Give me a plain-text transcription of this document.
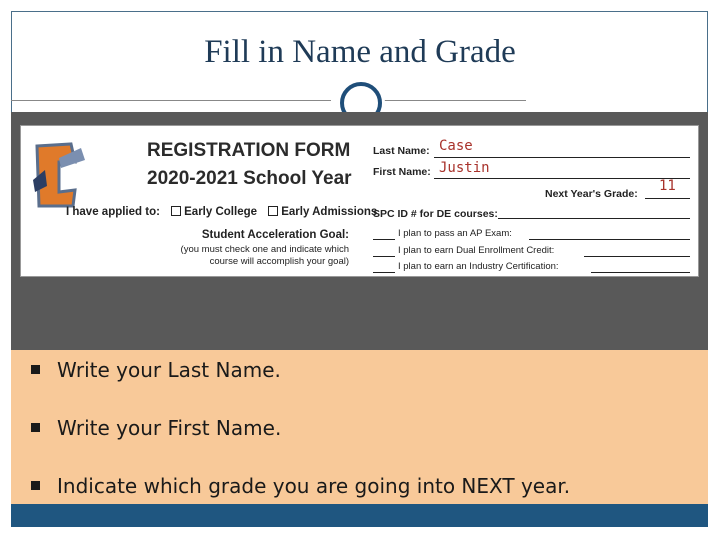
Fill in Name and Grade
REGISTRATION FORM
2020-2021 School Year
I have applied to: Early College Early Admissions
Student Acceleration Goal:
(you must check one and indicate which course will accomplish your goal)
Last Name: Case
First Name: Justin
Next Year's Grade: 11
SPC ID # for DE courses:
I plan to pass an AP Exam:
I plan to earn Dual Enrollment Credit:
I plan to earn an Industry Certification:
Write your Last Name.
Write your First Name.
Indicate which grade you are going into NEXT year.
